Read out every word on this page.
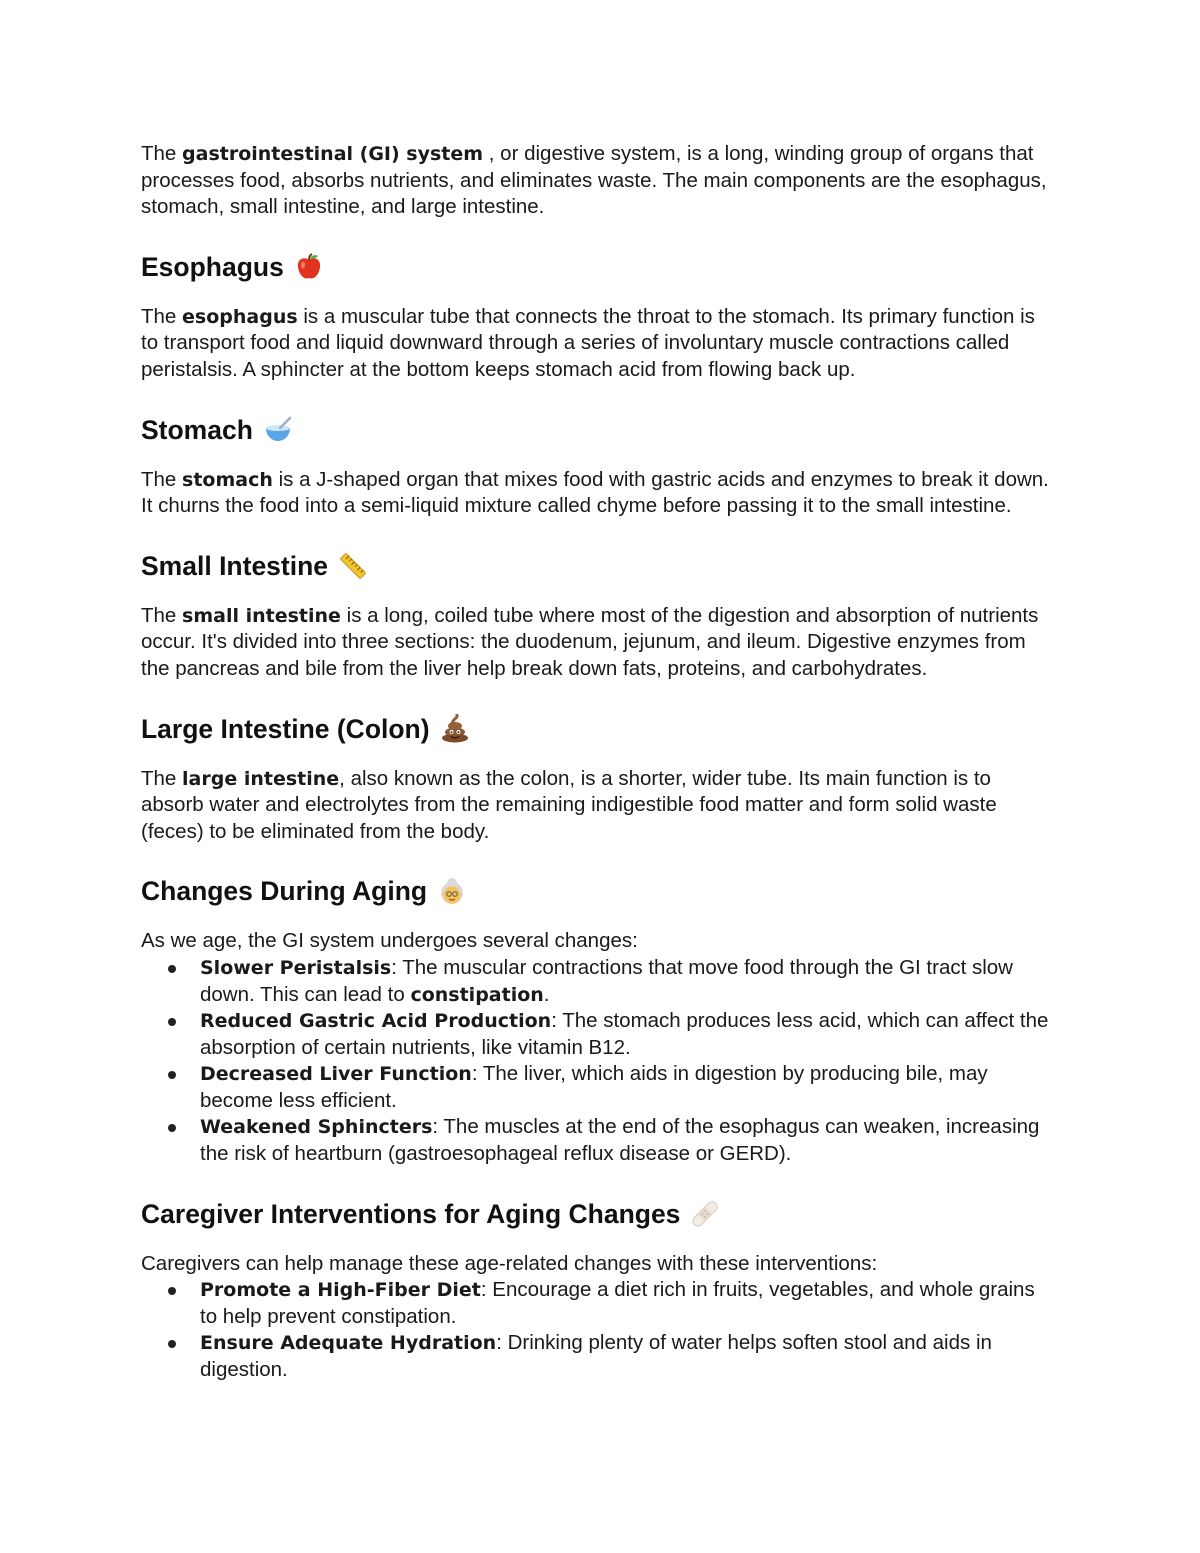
The gastrointestinal (GI) system , or digestive system, is a long, winding group of organs that processes food, absorbs nutrients, and eliminates waste. The main components are the esophagus, stomach, small intestine, and large intestine.

Esophagus

The esophagus is a muscular tube that connects the throat to the stomach. Its primary function is to transport food and liquid downward through a series of involuntary muscle contractions called peristalsis. A sphincter at the bottom keeps stomach acid from flowing back up.

Stomach

The stomach is a J-shaped organ that mixes food with gastric acids and enzymes to break it down. It churns the food into a semi-liquid mixture called chyme before passing it to the small intestine.

Small Intestine

The small intestine is a long, coiled tube where most of the digestion and absorption of nutrients occur. It's divided into three sections: the duodenum, jejunum, and ileum. Digestive enzymes from the pancreas and bile from the liver help break down fats, proteins, and carbohydrates.

Large Intestine (Colon)

The large intestine, also known as the colon, is a shorter, wider tube. Its main function is to absorb water and electrolytes from the remaining indigestible food matter and form solid waste (feces) to be eliminated from the body.

Changes During Aging

As we age, the GI system undergoes several changes:

Slower Peristalsis: The muscular contractions that move food through the GI tract slow down. This can lead to constipation.
Reduced Gastric Acid Production: The stomach produces less acid, which can affect the absorption of certain nutrients, like vitamin B12.
Decreased Liver Function: The liver, which aids in digestion by producing bile, may become less efficient.
Weakened Sphincters: The muscles at the end of the esophagus can weaken, increasing the risk of heartburn (gastroesophageal reflux disease or GERD).
Caregiver Interventions for Aging Changes

Caregivers can help manage these age-related changes with these interventions:

Promote a High-Fiber Diet: Encourage a diet rich in fruits, vegetables, and whole grains to help prevent constipation.
Ensure Adequate Hydration: Drinking plenty of water helps soften stool and aids in digestion.
